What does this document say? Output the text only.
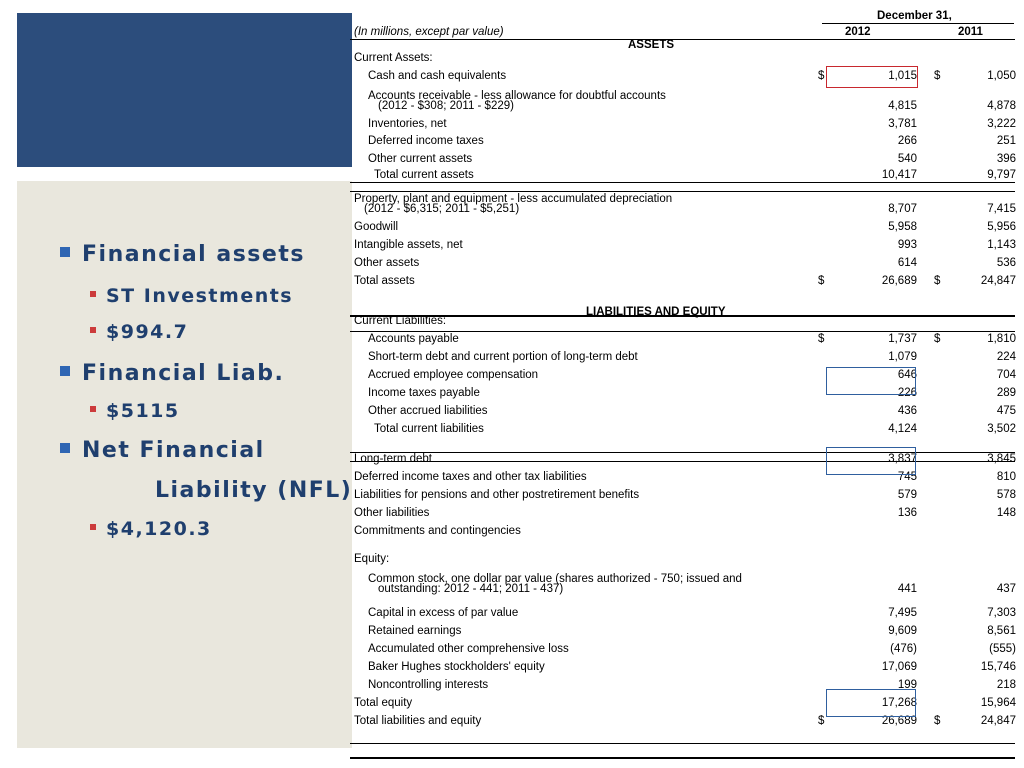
Financial assets
ST Investments
$994.7
Financial Liab.
$5115
Net Financial
Liability (NFL)
$4,120.3
December 31,
(In millions, except par value)	2012	2011
ASSETS
LIABILITIES AND EQUITY
Current Assets:
Cash and cash equivalents	1,015	1,050
$	$
Accounts receivable - less allowance for doubtful accounts
(2012 - $308; 2011 - $229)	4,815	4,878
Inventories, net	3,781	3,222
Deferred income taxes	266	251
Other current assets	540	396
Total current assets	10,417	9,797
Property, plant and equipment - less accumulated depreciation
(2012 - $6,315; 2011 - $5,251)	8,707	7,415
Goodwill	5,958	5,956
Intangible assets, net	993	1,143
Other assets	614	536
Total assets	26,689	24,847
$	$
Current Liabilities:
Accounts payable	1,737	1,810
$	$
Short-term debt and current portion of long-term debt	1,079	224
Accrued employee compensation	646	704
Income taxes payable	226	289
Other accrued liabilities	436	475
Total current liabilities	4,124	3,502
Long-term debt	3,837	3,845
Deferred income taxes and other tax liabilities	745	810
Liabilities for pensions and other postretirement benefits	579	578
Other liabilities	136	148
Commitments and contingencies
Equity:
Common stock, one dollar par value (shares authorized - 750; issued and
outstanding: 2012 - 441; 2011 - 437)	441	437
Capital in excess of par value	7,495	7,303
Retained earnings	9,609	8,561
Accumulated other comprehensive loss	(476)	(555)
Baker Hughes stockholders' equity	17,069	15,746
Noncontrolling interests	199	218
Total equity	17,268	15,964
Total liabilities and equity	26,689	24,847
$	$
